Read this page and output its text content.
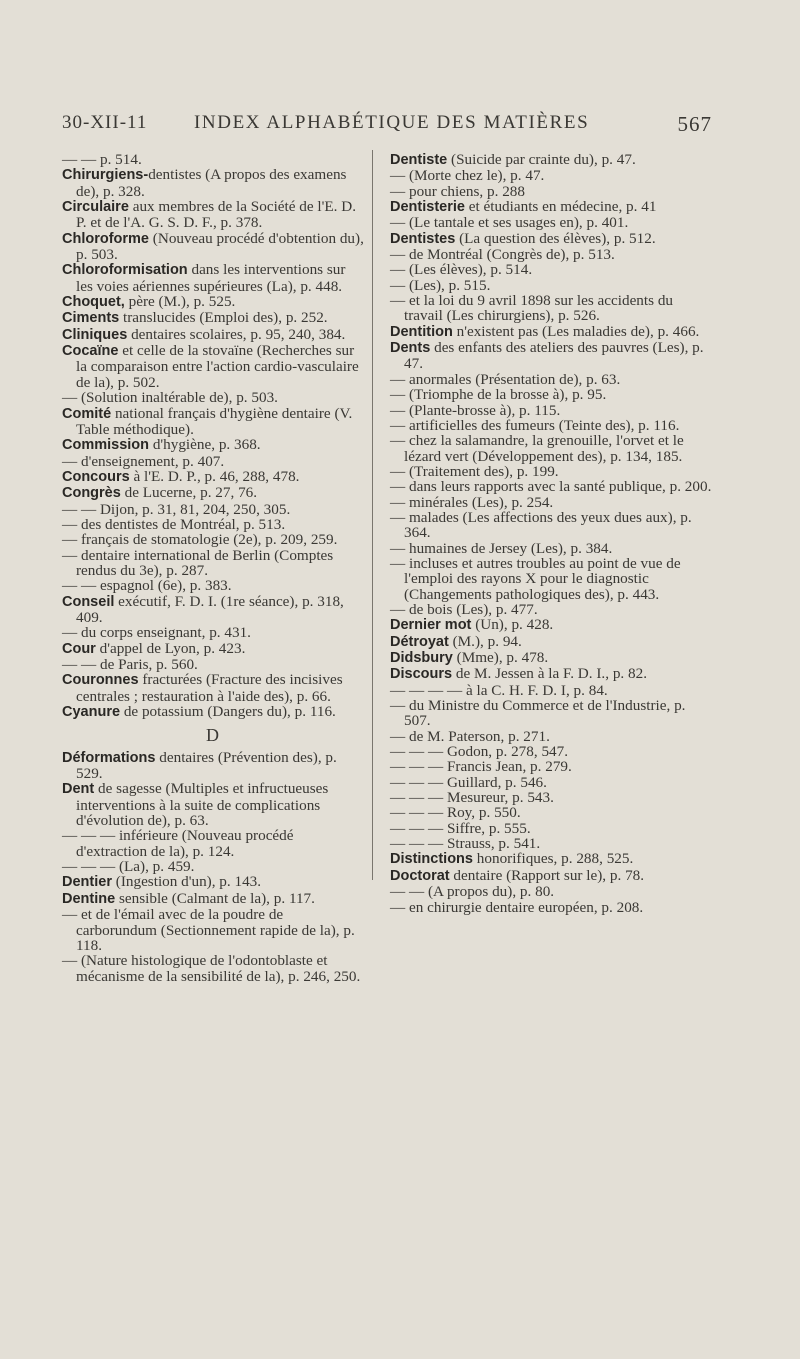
30-XII-11 INDEX ALPHABÉTIQUE DES MATIÈRES	567

— — p. 514.

Chirurgiens-dentistes (A propos des examens de), p. 328.

Circulaire aux membres de la Société de l'E. D. P. et de l'A. G. S. D. F., p. 378.

Chloroforme (Nouveau procédé d'obtention du), p. 503.

Chloroformisation dans les interventions sur les voies aériennes supérieures (La), p. 448.

Choquet, père (M.), p. 525.

Ciments translucides (Emploi des), p. 252.

Cliniques dentaires scolaires, p. 95, 240, 384.

Cocaïne et celle de la stovaïne (Recherches sur la comparaison entre l'action cardio-vasculaire de la), p. 502.

— (Solution inaltérable de), p. 503.

Comité national français d'hygiène dentaire (V. Table méthodique).

Commission d'hygiène, p. 368.

— d'enseignement, p. 407.

Concours à l'E. D. P., p. 46, 288, 478.

Congrès de Lucerne, p. 27, 76.

— — Dijon, p. 31, 81, 204, 250, 305.

— des dentistes de Montréal, p. 513.

— français de stomatologie (2e), p. 209, 259.

— dentaire international de Berlin (Comptes rendus du 3e), p. 287.

— — espagnol (6e), p. 383.

Conseil exécutif, F. D. I. (1re séance), p. 318, 409.

— du corps enseignant, p. 431.

Cour d'appel de Lyon, p. 423.

— — de Paris, p. 560.

Couronnes fracturées (Fracture des incisives centrales ; restauration à l'aide des), p. 66.

Cyanure de potassium (Dangers du), p. 116.

D

Déformations dentaires (Prévention des), p. 529.

Dent de sagesse (Multiples et infructueuses interventions à la suite de complications d'évolution de), p. 63.

— — — inférieure (Nouveau procédé d'extraction de la), p. 124.

— — — (La), p. 459.

Dentier (Ingestion d'un), p. 143.

Dentine sensible (Calmant de la), p. 117.

— et de l'émail avec de la poudre de carborundum (Sectionnement rapide de la), p. 118.

— (Nature histologique de l'odontoblaste et mécanisme de la sensibilité de la), p. 246, 250.

Dentiste (Suicide par crainte du), p. 47.

— (Morte chez le), p. 47.

— pour chiens, p. 288

Dentisterie et étudiants en médecine, p. 41

— (Le tantale et ses usages en), p. 401.

Dentistes (La question des élèves), p. 512.

— de Montréal (Congrès de), p. 513.

— (Les élèves), p. 514.

— (Les), p. 515.

— et la loi du 9 avril 1898 sur les accidents du travail (Les chirurgiens), p. 526.

Dentition n'existent pas (Les maladies de), p. 466.

Dents des enfants des ateliers des pauvres (Les), p. 47.

— anormales (Présentation de), p. 63.

— (Triomphe de la brosse à), p. 95.

— (Plante-brosse à), p. 115.

— artificielles des fumeurs (Teinte des), p. 116.

— chez la salamandre, la grenouille, l'orvet et le lézard vert (Développement des), p. 134, 185.

— (Traitement des), p. 199.

— dans leurs rapports avec la santé publique, p. 200.

— minérales (Les), p. 254.

— malades (Les affections des yeux dues aux), p. 364.

— humaines de Jersey (Les), p. 384.

— incluses et autres troubles au point de vue de l'emploi des rayons X pour le diagnostic (Changements pathologiques des), p. 443.

— de bois (Les), p. 477.

Dernier mot (Un), p. 428.

Détroyat (M.), p. 94.

Didsbury (Mme), p. 478.

Discours de M. Jessen à la F. D. I., p. 82.

— — — — à la C. H. F. D. I, p. 84.

— du Ministre du Commerce et de l'Industrie, p. 507.

— de M. Paterson, p. 271.

— — — Godon, p. 278, 547.

— — — Francis Jean, p. 279.

— — — Guillard, p. 546.

— — — Mesureur, p. 543.

— — — Roy, p. 550.

— — — Siffre, p. 555.

— — — Strauss, p. 541.

Distinctions honorifiques, p. 288, 525.

Doctorat dentaire (Rapport sur le), p. 78.

— — (A propos du), p. 80.

— en chirurgie dentaire européen, p. 208.
